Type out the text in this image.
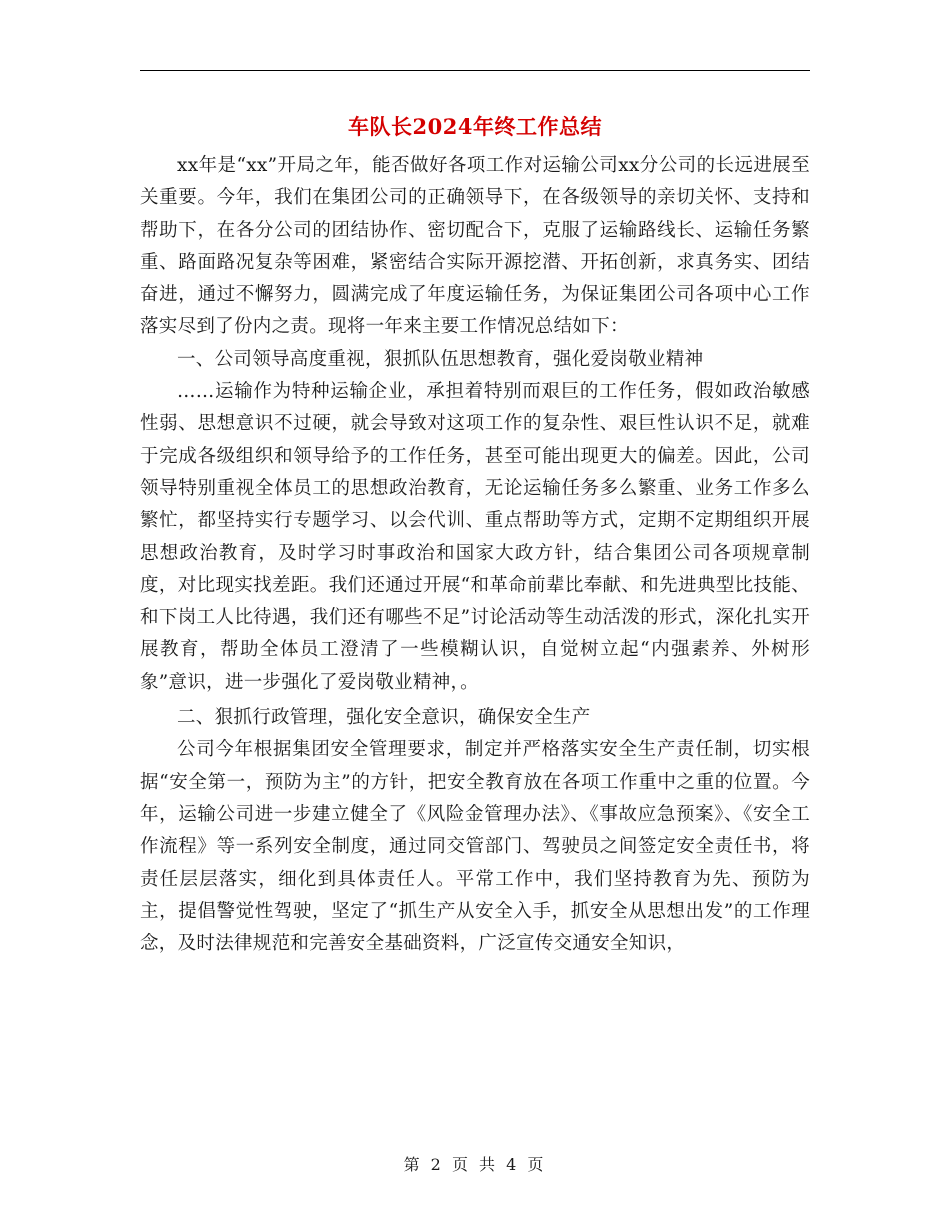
车队长2024年终工作总结

xx年是“xx”开局之年，能否做好各项工作对运输公司xx分公司的长远进展至关重要。今年，我们在集团公司的正确领导下，在各级领导的亲切关怀、支持和帮助下，在各分公司的团结协作、密切配合下，克服了运输路线长、运输任务繁重、路面路况复杂等困难，紧密结合实际开源挖潜、开拓创新，求真务实、团结奋进，通过不懈努力，圆满完成了年度运输任务，为保证集团公司各项中心工作落实尽到了份内之责。现将一年来主要工作情况总结如下：

一、公司领导高度重视，狠抓队伍思想教育，强化爱岗敬业精神

……运输作为特种运输企业，承担着特别而艰巨的工作任务，假如政治敏感性弱、思想意识不过硬，就会导致对这项工作的复杂性、艰巨性认识不足，就难于完成各级组织和领导给予的工作任务，甚至可能出现更大的偏差。因此，公司领导特别重视全体员工的思想政治教育，无论运输任务多么繁重、业务工作多么繁忙，都坚持实行专题学习、以会代训、重点帮助等方式，定期不定期组织开展思想政治教育，及时学习时事政治和国家大政方针，结合集团公司各项规章制度，对比现实找差距。我们还通过开展“和革命前辈比奉献、和先进典型比技能、和下岗工人比待遇，我们还有哪些不足”讨论活动等生动活泼的形式，深化扎实开展教育，帮助全体员工澄清了一些模糊认识，自觉树立起“内强素养、外树形象”意识，进一步强化了爱岗敬业精神，。

二、狠抓行政管理，强化安全意识，确保安全生产

公司今年根据集团安全管理要求，制定并严格落实安全生产责任制，切实根据“安全第一，预防为主”的方针，把安全教育放在各项工作重中之重的位置。今年，运输公司进一步建立健全了《风险金管理办法》、《事故应急预案》、《安全工作流程》等一系列安全制度，通过同交管部门、驾驶员之间签定安全责任书，将责任层层落实，细化到具体责任人。平常工作中，我们坚持教育为先、预防为主，提倡警觉性驾驶，坚定了“抓生产从安全入手，抓安全从思想出发”的工作理念，及时法律规范和完善安全基础资料，广泛宣传交通安全知识，

第 2 页 共 4 页
